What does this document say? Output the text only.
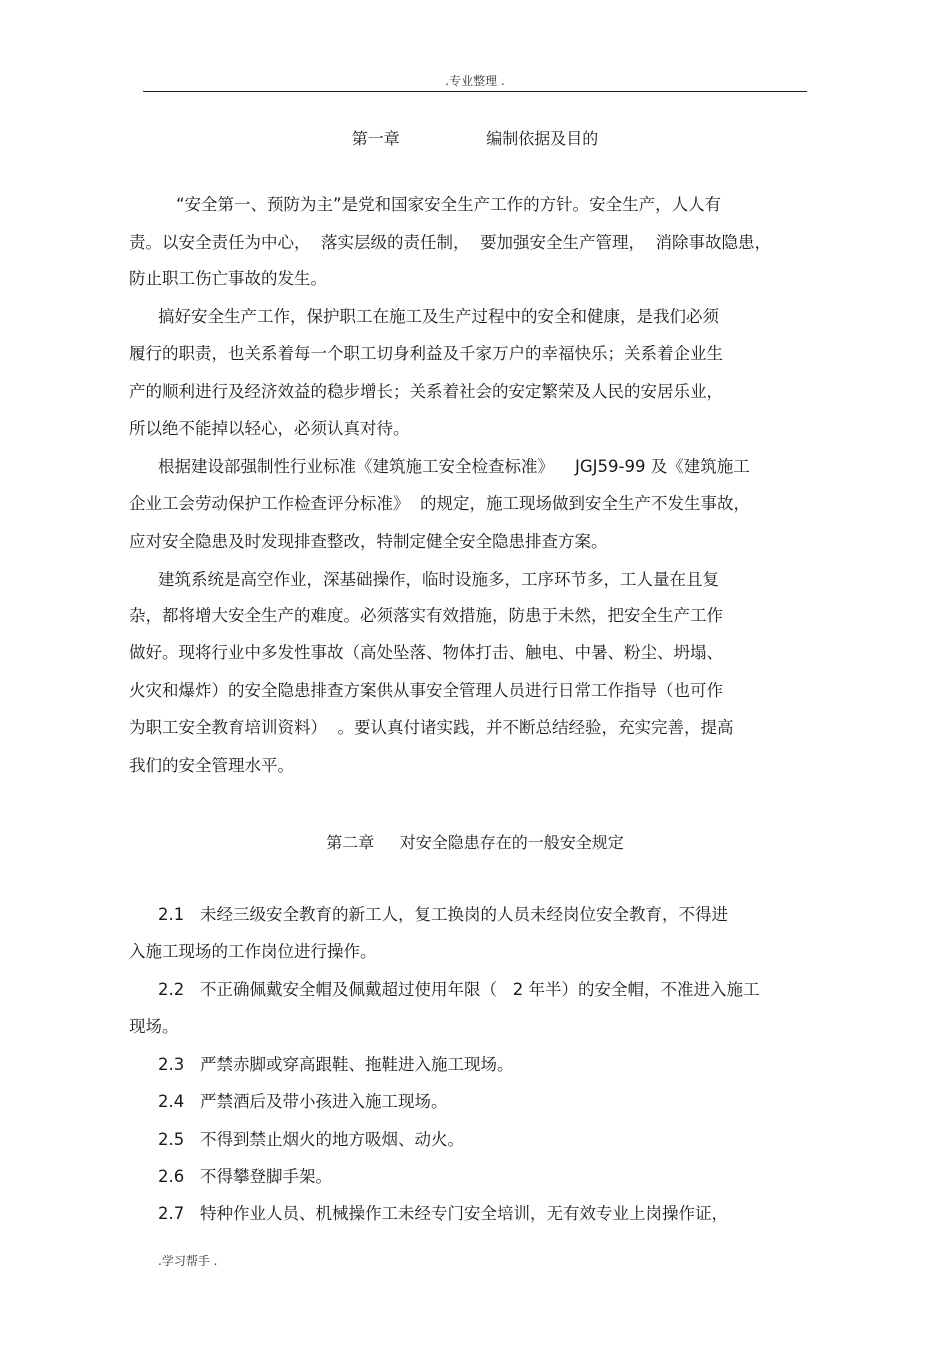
.专业整理 .
第一章                 编制依据及目的
“安全第一、预防为主”是党和国家安全生产工作的方针。安全生产，人人有
责。以安全责任为中心，  落实层级的责任制，  要加强安全生产管理，  消除事故隐患，
防止职工伤亡事故的发生。
搞好安全生产工作，保护职工在施工及生产过程中的安全和健康，是我们必须
履行的职责，也关系着每一个职工切身利益及千家万户的幸福快乐；关系着企业生
产的顺利进行及经济效益的稳步增长；关系着社会的安定繁荣及人民的安居乐业，
所以绝不能掉以轻心，必须认真对待。
根据建设部强制性行业标准《建筑施工安全检查标准》    JGJ59-99 及《建筑施工
企业工会劳动保护工作检查评分标准》  的规定，施工现场做到安全生产不发生事故，
应对安全隐患及时发现排查整改，特制定健全安全隐患排查方案。
建筑系统是高空作业，深基础操作，临时设施多，工序环节多，工人量在且复
杂，都将增大安全生产的难度。必须落实有效措施，防患于未然，把安全生产工作
做好。现将行业中多发性事故（高处坠落、物体打击、触电、中暑、粉尘、坍塌、
火灾和爆炸）的安全隐患排查方案供从事安全管理人员进行日常工作指导（也可作
为职工安全教育培训资料）  。要认真付诸实践，并不断总结经验，充实完善，提高
我们的安全管理水平。
第二章     对安全隐患存在的一般安全规定
2.1   未经三级安全教育的新工人，复工换岗的人员未经岗位安全教育，不得进
入施工现场的工作岗位进行操作。
2.2   不正确佩戴安全帽及佩戴超过使用年限（   2 年半）的安全帽，不准进入施工
现场。
2.3   严禁赤脚或穿高跟鞋、拖鞋进入施工现场。
2.4   严禁酒后及带小孩进入施工现场。
2.5   不得到禁止烟火的地方吸烟、动火。
2.6   不得攀登脚手架。
2.7   特种作业人员、机械操作工未经专门安全培训，无有效专业上岗操作证，
.学习帮手 .
